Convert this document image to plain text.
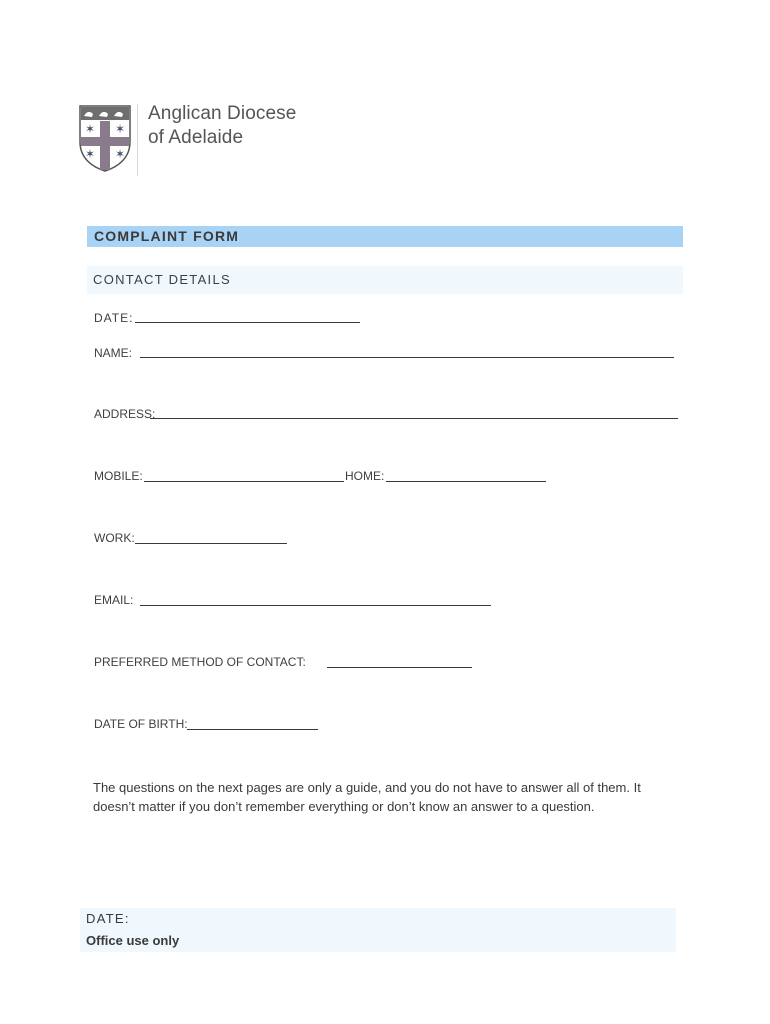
✶ ✶
✶ ✶
Anglican Diocese
of Adelaide
COMPLAINT FORM
CONTACT DETAILS
DATE:
NAME:
ADDRESS:
MOBILE:	HOME:
WORK:
EMAIL:
PREFERRED METHOD OF CONTACT:
DATE OF BIRTH:
The questions on the next pages are only a guide, and you do not have to answer all of them. It doesn’t matter if you don’t remember everything or don’t know an answer to a question.
DATE:
Office use only
